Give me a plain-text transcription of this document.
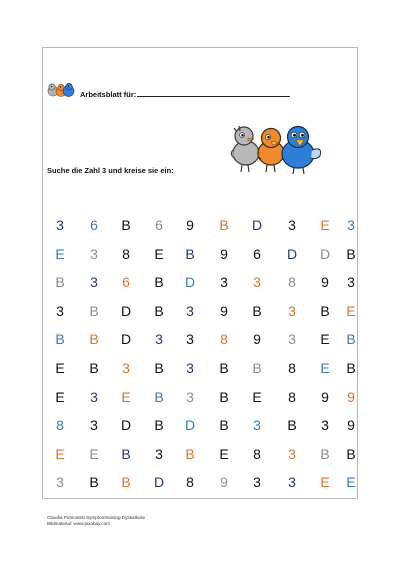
Arbeitsblatt für:
Suche die Zahl 3 und kreise sie ein:
3	6	B	6	9	B	D	3	E	3
E	3	8	E	B	9	6	D	D	B
B	3	6	B	D	3	3	8	9	3
3	B	D	B	3	9	B	3	B	E
B	B	D	3	3	8	9	3	E	B
E	B	3	B	3	B	B	8	E	B
E	3	E	B	3	B	E	8	9	9
8	3	D	B	D	B	3	B	3	9
E	E	B	3	B	E	8	3	B	B
3	B	B	D	8	9	3	3	E	E
Claudia Piotrowski Symptomtraining Dyskalkulie
Bildmaterial: www.pixabay.com
